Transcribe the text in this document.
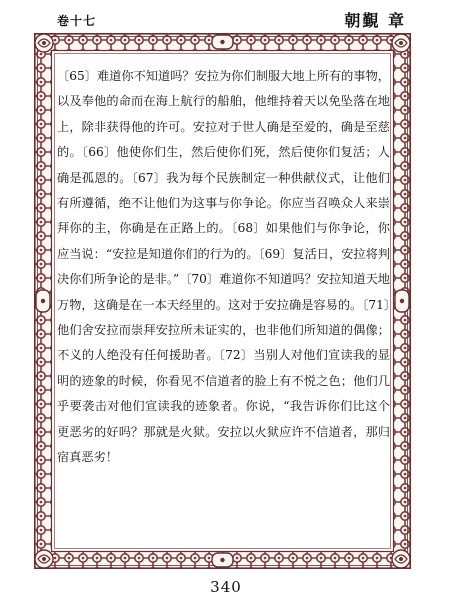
卷十七	朝覲 章

〔65〕难道你不知道吗？安拉为你们制服大地上所有的事物，以及奉他的命而在海上航行的船舶，他维持着天以免坠落在地上，除非获得他的许可。安拉对于世人确是至爱的，确是至慈的。〔66〕他使你们生，然后使你们死，然后使你们复活；人确是孤恩的。〔67〕我为每个民族制定一种供献仪式，让他们有所遵循，绝不让他们为这事与你争论。你应当召唤众人来崇拜你的主，你确是在正路上的。〔68〕如果他们与你争论，你应当说：“安拉是知道你们的行为的。〔69〕复活日，安拉将判决你们所争论的是非。”〔70〕难道你不知道吗？安拉知道天地万物，这确是在一本天经里的。这对于安拉确是容易的。〔71〕他们舍安拉而崇拜安拉所未证实的，也非他们所知道的偶像；不义的人绝没有任何援助者。〔72〕当别人对他们宣读我的显明的迹象的时候，你看见不信道者的脸上有不悦之色；他们几乎要袭击对他们宣读我的迹象者。你说，“我告诉你们比这个更恶劣的好吗？那就是火狱。安拉以火狱应许不信道者，那归宿真恶劣！

340
